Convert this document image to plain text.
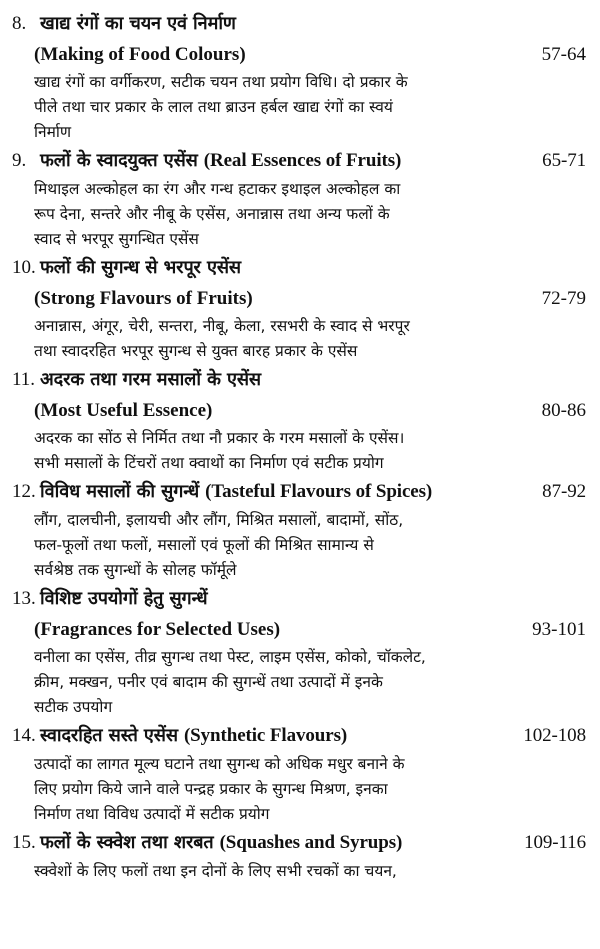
8. खाद्य रंगों का चयन एवं निर्माण
(Making of Food Colours)	57-64
खाद्य रंगों का वर्गीकरण, सटीक चयन तथा प्रयोग विधि। दो प्रकार के
पीले तथा चार प्रकार के लाल तथा ब्राउन हर्बल खाद्य रंगों का स्वयं
निर्माण
9. फलों के स्वादयुक्त एसेंस (Real Essences of Fruits)	65-71
मिथाइल अल्कोहल का रंग और गन्ध हटाकर इथाइल अल्कोहल का
रूप देना, सन्तरे और नीबू के एसेंस, अनान्नास तथा अन्य फलों के
स्वाद से भरपूर सुगन्धित एसेंस
10. फलों की सुगन्ध से भरपूर एसेंस
(Strong Flavours of Fruits)	72-79
अनान्नास, अंगूर, चेरी, सन्तरा, नीबू, केला, रसभरी के स्वाद से भरपूर
तथा स्वादरहित भरपूर सुगन्ध से युक्त बारह प्रकार के एसेंस
11. अदरक तथा गरम मसालों के एसेंस
(Most Useful Essence)	80-86
अदरक का सोंठ से निर्मित तथा नौ प्रकार के गरम मसालों के एसेंस।
सभी मसालों के टिंचरों तथा क्वाथों का निर्माण एवं सटीक प्रयोग
12. विविध मसालों की सुगन्धें (Tasteful Flavours of Spices)	87-92
लौंग, दालचीनी, इलायची और लौंग, मिश्रित मसालों, बादामों, सोंठ,
फल-फूलों तथा फलों, मसालों एवं फूलों की मिश्रित सामान्य से
सर्वश्रेष्ठ तक सुगन्धों के सोलह फॉर्मूले
13. विशिष्ट उपयोगों हेतु सुगन्धें
(Fragrances for Selected Uses)	93-101
वनीला का एसेंस, तीव्र सुगन्ध तथा पेस्ट, लाइम एसेंस, कोको, चॉकलेट,
क्रीम, मक्खन, पनीर एवं बादाम की सुगन्धें तथा उत्पादों में इनके
सटीक उपयोग
14. स्वादरहित सस्ते एसेंस (Synthetic Flavours)	102-108
उत्पादों का लागत मूल्य घटाने तथा सुगन्ध को अधिक मधुर बनाने के
लिए प्रयोग किये जाने वाले पन्द्रह प्रकार के सुगन्ध मिश्रण, इनका
निर्माण तथा विविध उत्पादों में सटीक प्रयोग
15. फलों के स्क्वेश तथा शरबत (Squashes and Syrups)	109-116
स्क्वेशों के लिए फलों तथा इन दोनों के लिए सभी रचकों का चयन,
